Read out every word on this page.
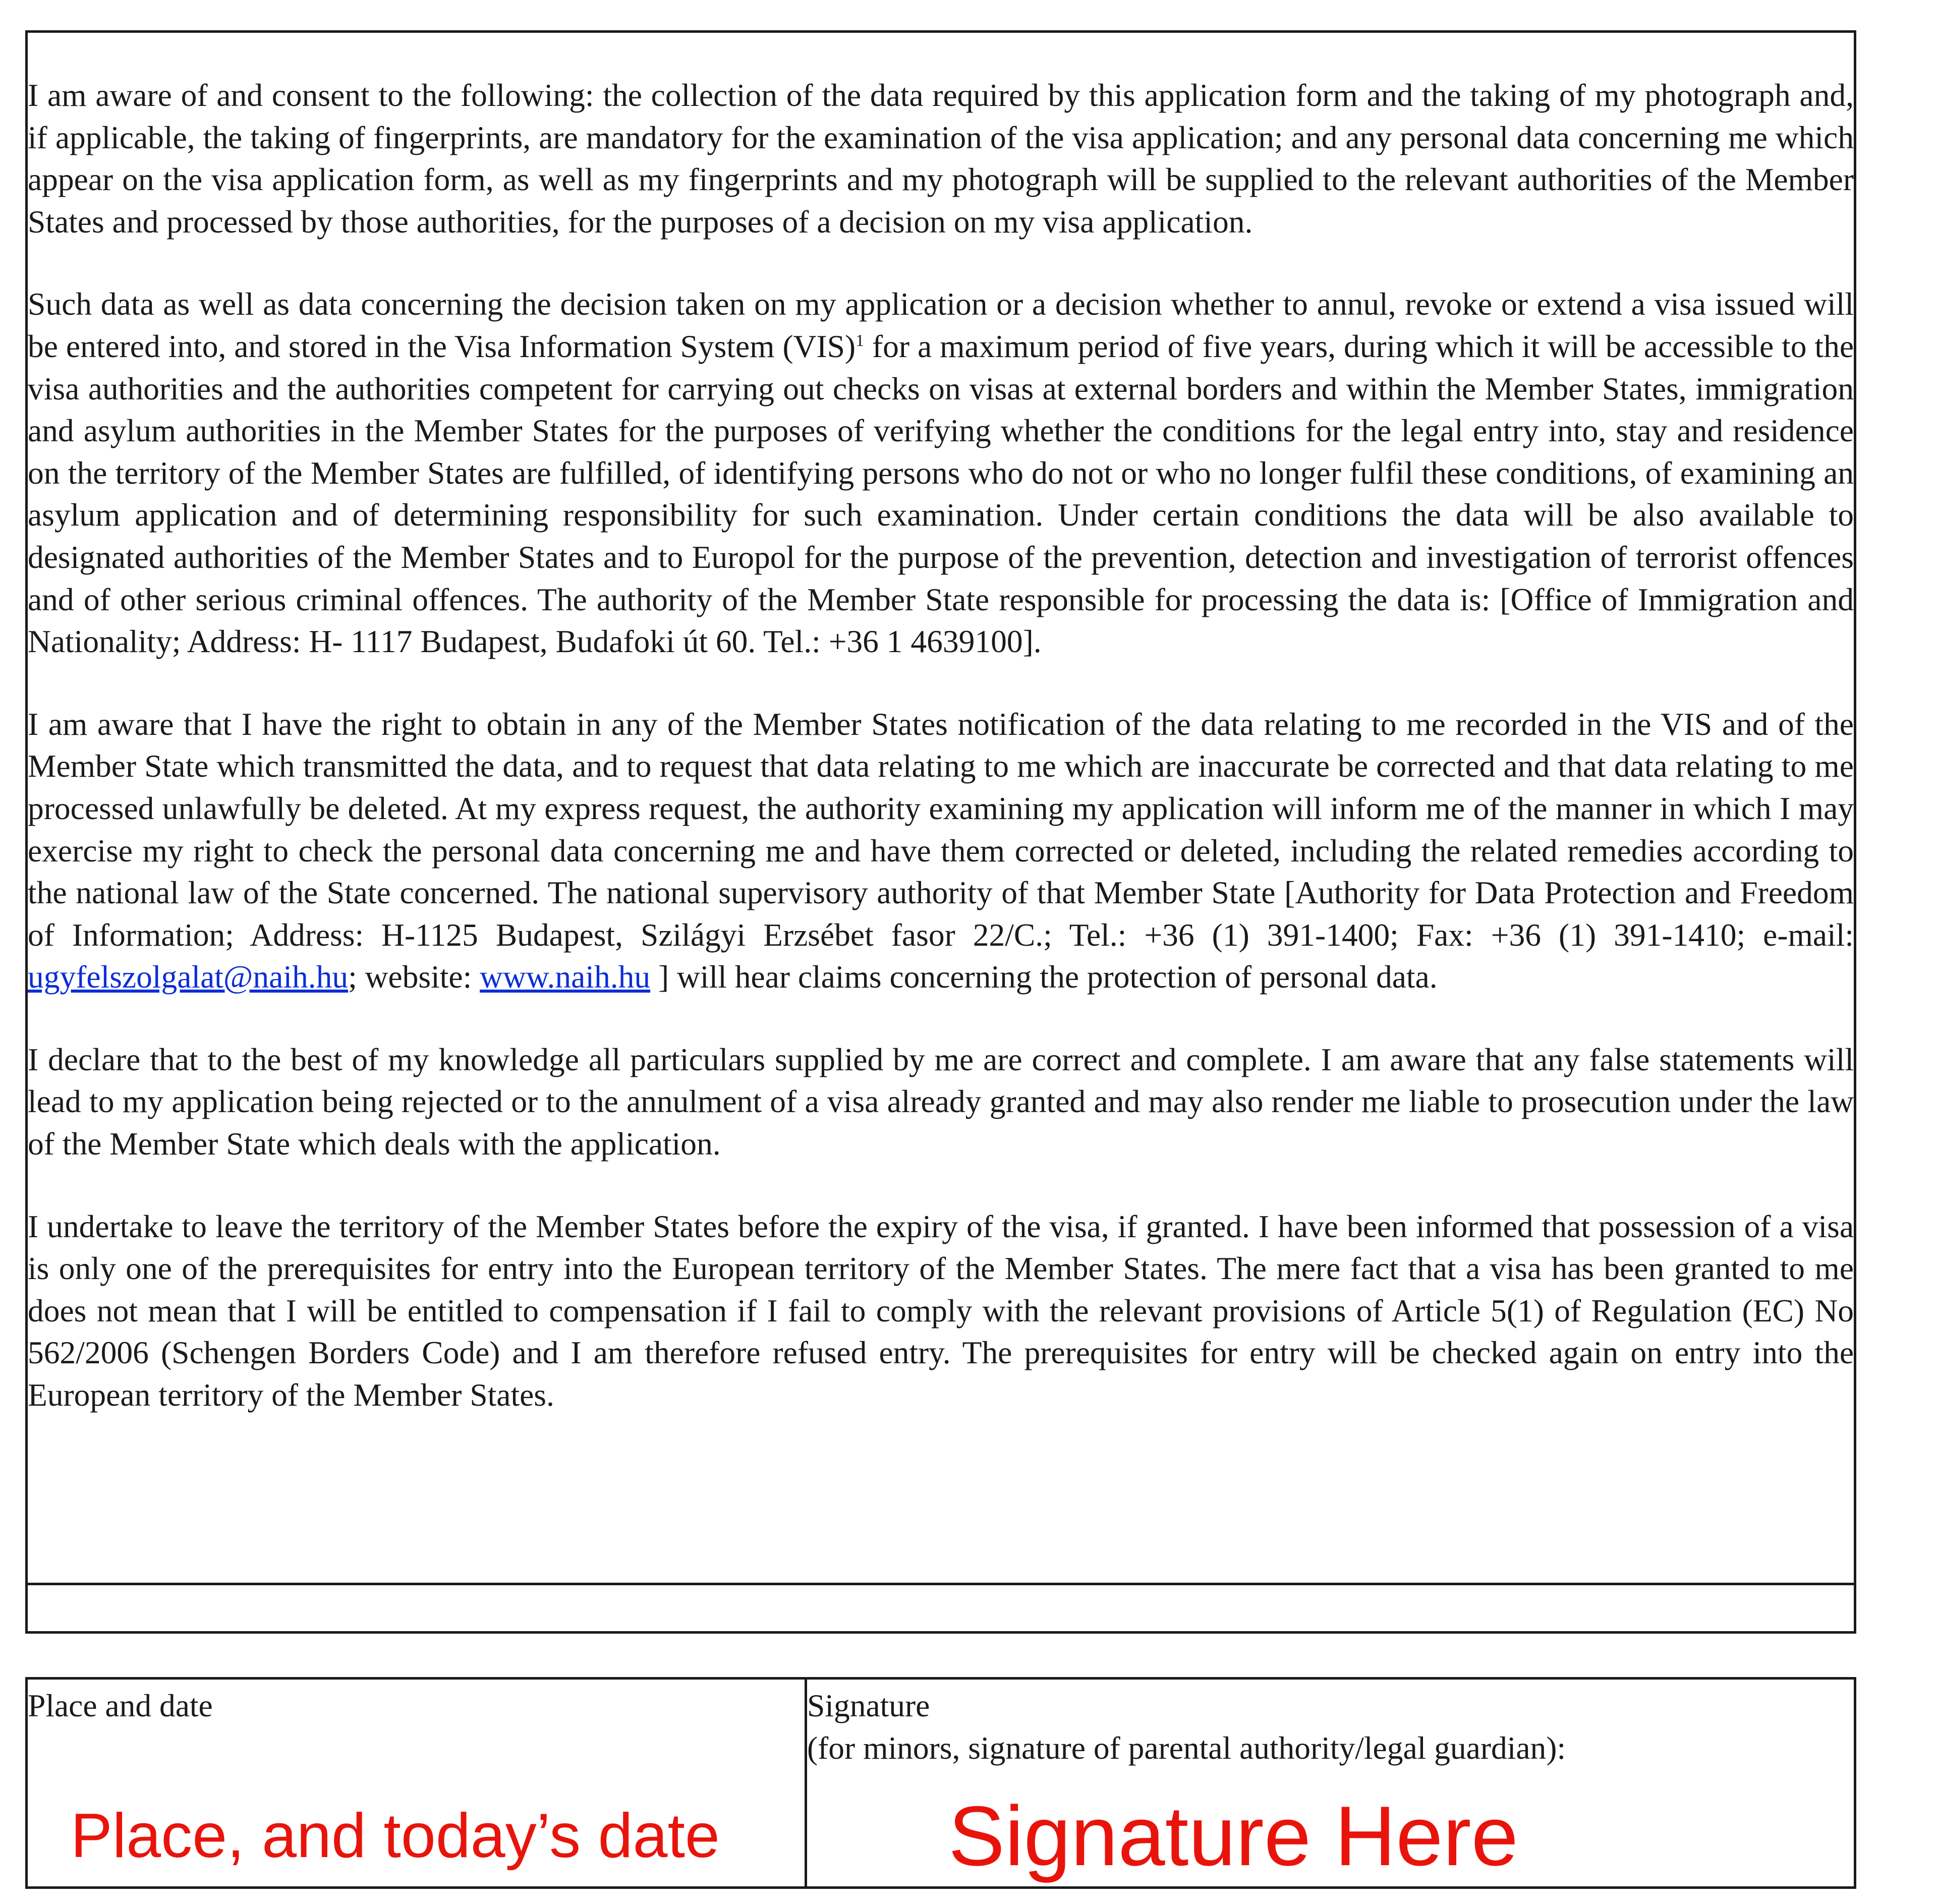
I am aware of and consent to the following: the collection of the data required by this application form and the taking of my photograph and, if applicable, the taking of fingerprints, are mandatory for the examination of the visa application; and any personal data concerning me which appear on the visa application form, as well as my fingerprints and my photograph will be supplied to the relevant authorities of the Member States and processed by those authorities, for the purposes of a decision on my visa application.

Such data as well as data concerning the decision taken on my application or a decision whether to annul, revoke or extend a visa issued will be entered into, and stored in the Visa Information System (VIS)$^1$ for a maximum period of five years, during which it will be accessible to the visa authorities and the authorities competent for carrying out checks on visas at external borders and within the Member States, immigration and asylum authorities in the Member States for the purposes of verifying whether the conditions for the legal entry into, stay and residence on the territory of the Member States are fulfilled, of identifying persons who do not or who no longer fulfil these conditions, of examining an asylum application and of determining responsibility for such examination. Under certain conditions the data will be also available to designated authorities of the Member States and to Europol for the purpose of the prevention, detection and investigation of terrorist offences and of other serious criminal offences. The authority of the Member State responsible for processing the data is: [Office of Immigration and Nationality; Address: H- 1117 Budapest, Budafoki út 60. Tel.: +36 1 4639100].

I am aware that I have the right to obtain in any of the Member States notification of the data relating to me recorded in the VIS and of the Member State which transmitted the data, and to request that data relating to me which are inaccurate be corrected and that data relating to me processed unlawfully be deleted. At my express request, the authority examining my application will inform me of the manner in which I may exercise my right to check the personal data concerning me and have them corrected or deleted, including the related remedies according to the national law of the State concerned. The national supervisory authority of that Member State [Authority for Data Protection and Freedom of Information; Address: H-1125 Budapest, Szilágyi Erzsébet fasor 22/C.; Tel.: +36 (1) 391-1400; Fax: +36 (1) 391-1410; e-mail: ugyfelszolgalat@naih.hu; website: www.naih.hu ] will hear claims concerning the protection of personal data.

I declare that to the best of my knowledge all particulars supplied by me are correct and complete. I am aware that any false statements will lead to my application being rejected or to the annulment of a visa already granted and may also render me liable to prosecution under the law of the Member State which deals with the application.

I undertake to leave the territory of the Member States before the expiry of the visa, if granted. I have been informed that possession of a visa is only one of the prerequisites for entry into the European territory of the Member States. The mere fact that a visa has been granted to me does not mean that I will be entitled to compensation if I fail to comply with the relevant provisions of Article 5(1) of Regulation (EC) No 562/2006 (Schengen Borders Code) and I am therefore refused entry. The prerequisites for entry will be checked again on entry into the European territory of the Member States.

Place and date
Place, and today’s date
Signature
(for minors, signature of parental authority/legal guardian):
Signature Here
